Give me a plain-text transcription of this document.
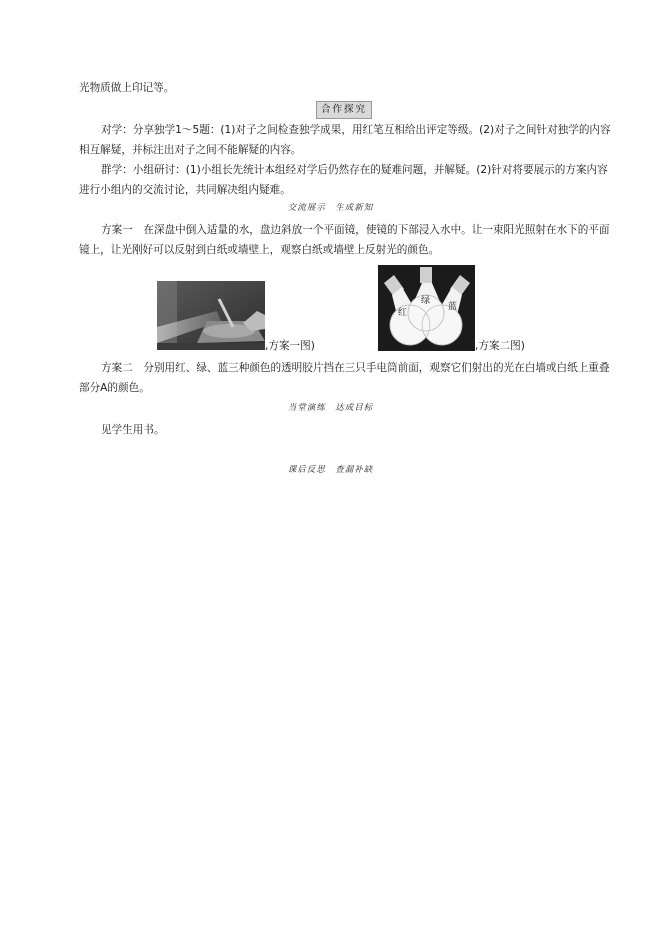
光物质做上印记等。

合作探究

对学：分享独学1～5题：(1)对子之间检查独学成果，用红笔互相给出评定等级。(2)对子之间针对独学的内容相互解疑，并标注出对子之间不能解疑的内容。

群学：小组研讨：(1)小组长先统计本组经对学后仍然存在的疑难问题，并解疑。(2)针对将要展示的方案内容进行小组内的交流讨论，共同解决组内疑难。

交流展示　生成新知

方案一　在深盘中倒入适量的水，盘边斜放一个平面镜，使镜的下部浸入水中。让一束阳光照射在水下的平面镜上，让光刚好可以反射到白纸或墙壁上，观察白纸或墙壁上反射光的颜色。

,方案一图)
红
绿
蓝
,方案二图)

方案二　分别用红、绿、蓝三种颜色的透明胶片挡在三只手电筒前面，观察它们射出的光在白墙或白纸上重叠部分A的颜色。

当堂演练　达成目标

见学生用书。

课后反思　查漏补缺
